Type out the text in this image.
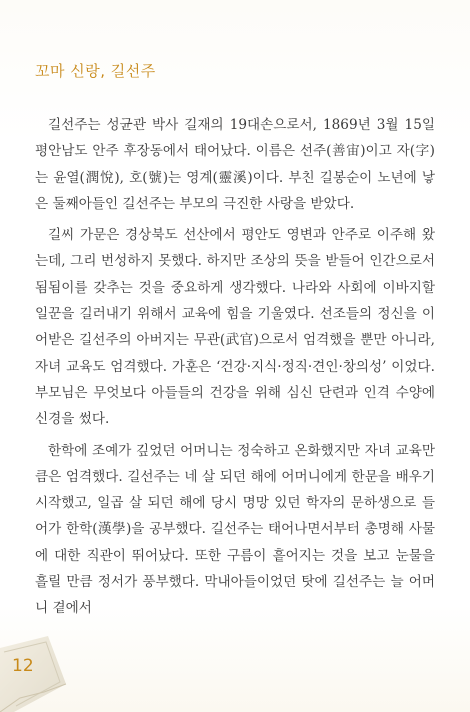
꼬마 신랑, 길선주

길선주는 성균관 박사 길재의 19대손으로서, 1869년 3월 15일 평안남도 안주 후장동에서 태어났다. 이름은 선주(善宙)이고 자(字)는 윤열(潤悅), 호(號)는 영계(靈溪)이다. 부친 길봉순이 노년에 낳은 둘째아들인 길선주는 부모의 극진한 사랑을 받았다.

길씨 가문은 경상북도 선산에서 평안도 영변과 안주로 이주해 왔는데, 그리 번성하지 못했다. 하지만 조상의 뜻을 받들어 인간으로서 됨됨이를 갖추는 것을 중요하게 생각했다. 나라와 사회에 이바지할 일꾼을 길러내기 위해서 교육에 힘을 기울였다. 선조들의 정신을 이어받은 길선주의 아버지는 무관(武官)으로서 엄격했을 뿐만 아니라, 자녀 교육도 엄격했다. 가훈은 ‘건강·지식·정직·견인·창의성’ 이었다. 부모님은 무엇보다 아들들의 건강을 위해 심신 단련과 인격 수양에 신경을 썼다.

한학에 조예가 깊었던 어머니는 정숙하고 온화했지만 자녀 교육만큼은 엄격했다. 길선주는 네 살 되던 해에 어머니에게 한문을 배우기 시작했고, 일곱 살 되던 해에 당시 명망 있던 학자의 문하생으로 들어가 한학(漢學)을 공부했다. 길선주는 태어나면서부터 총명해 사물에 대한 직관이 뛰어났다. 또한 구름이 흩어지는 것을 보고 눈물을 흘릴 만큼 정서가 풍부했다. 막내아들이었던 탓에 길선주는 늘 어머니 곁에서

12
